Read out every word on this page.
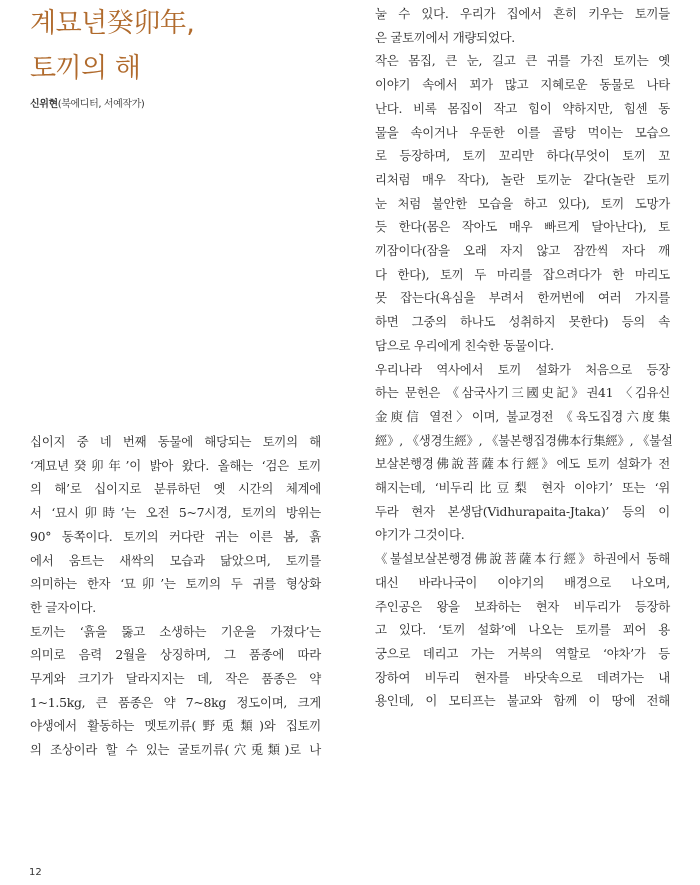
계묘년癸卯年,
토끼의 해
신위현(북에디터, 서예작가)
십이지 중 네 번째 동물에 해당되는 토끼의 해
‘계묘년癸卯年’이 밝아 왔다. 올해는 ‘검은 토끼
의 해’로 십이지로 분류하던 옛 시간의 체계에
서 ‘묘시卯時’는 오전 5~7시경, 토끼의 방위는
90° 동쪽이다. 토끼의 커다란 귀는 이른 봄, 흙
에서 움트는 새싹의 모습과 닮았으며, 토끼를
의미하는 한자 ‘묘卯’는 토끼의 두 귀를 형상화
한 글자이다.
토끼는 ‘흙을 뚫고 소생하는 기운을 가졌다’는
의미로 음력 2월을 상징하며, 그 품종에 따라
무게와 크기가 달라지지는 데, 작은 품종은 약
1~1.5kg, 큰 품종은 약 7~8kg 정도이며, 크게
야생에서 활동하는 멧토끼류(野兎類)와 집토끼
의 조상이라 할 수 있는 굴토끼류(穴兎類)로 나
눌 수 있다. 우리가 집에서 흔히 키우는 토끼들
은 굴토끼에서 개량되었다.
작은 몸집, 큰 눈, 길고 큰 귀를 가진 토끼는 옛
이야기 속에서 꾀가 많고 지혜로운 동물로 나타
난다. 비록 몸집이 작고 힘이 약하지만, 힘센 동
물을 속이거나 우둔한 이를 골탕 먹이는 모습으
로 등장하며, 토끼 꼬리만 하다(무엇이 토끼 꼬
리처럼 매우 작다), 놀란 토끼눈 같다(놀란 토끼
눈 처럼 불안한 모습을 하고 있다), 토끼 도망가
듯 한다(몸은 작아도 매우 빠르게 달아난다), 토
끼잠이다(잠을 오래 자지 않고 잠깐씩 자다 깨
다 한다), 토끼 두 마리를 잡으려다가 한 마리도
못 잡는다(욕심을 부려서 한꺼번에 여러 가지를
하면 그중의 하나도 성취하지 못한다) 등의 속
담으로 우리에게 친숙한 동물이다.
우리나라 역사에서 토끼 설화가 처음으로 등장
하는 문헌은 《삼국사기三國史記》권41 〈김유신
金庾信 열전〉이며, 불교경전 《육도집경六度集
經》, 《생경生經》, 《불본행집경佛本行集經》, 《불설
보살본행경佛說菩薩本行經》에도 토끼 설화가 전
해지는데, ‘비두리比豆梨 현자 이야기’ 또는 ‘위
두라 현자 본생담(Vidhurapaita-Jtaka)’ 등의 이
야기가 그것이다.
《불설보살본행경佛說菩薩本行經》하권에서 동해
대신 바라나국이 이야기의 배경으로 나오며,
주인공은 왕을 보좌하는 현자 비두리가 등장하
고 있다. ‘토끼 설화’에 나오는 토끼를 꾀어 용
궁으로 데리고 가는 거북의 역할로 ‘야차’가 등
장하여 비두리 현자를 바닷속으로 데려가는 내
용인데, 이 모티프는 불교와 함께 이 땅에 전해
12
